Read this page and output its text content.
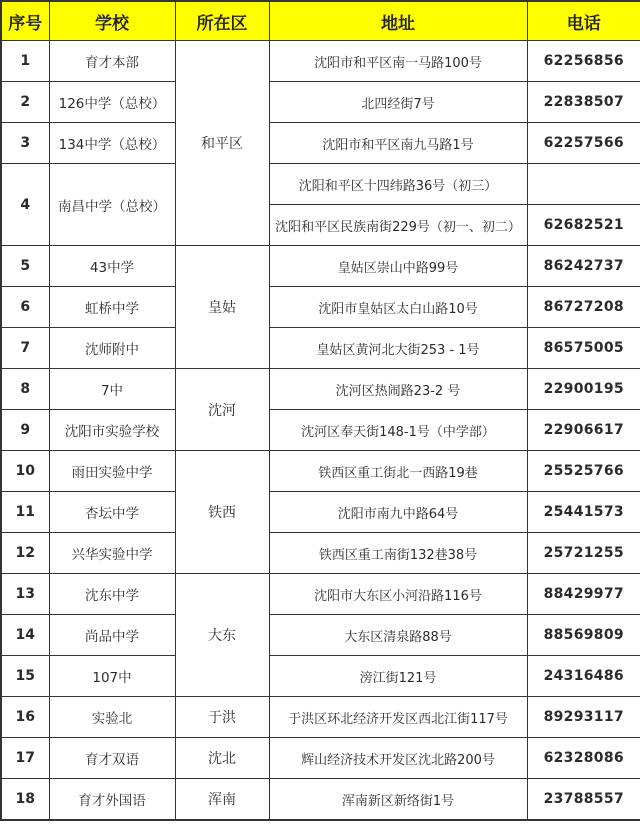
序号	学校	所在区	地址	电话
1	育才本部	和平区	沈阳市和平区南一马路100号	62256856
2	126中学（总校）		北四经街7号	22838507
3	134中学（总校）		沈阳市和平区南九马路1号	62257566
4	南昌中学（总校）		沈阳和平区十四纬路36号（初三）	
			沈阳和平区民族南街229号（初一、初二）	62682521
5	43中学	皇姑	皇姑区崇山中路99号	86242737
6	虹桥中学		沈阳市皇姑区太白山路10号	86727208
7	沈师附中		皇姑区黄河北大街253 - 1号	86575005
8	7中	沈河	沈河区热闹路23-2 号	22900195
9	沈阳市实验学校		沈河区奉天街148-1号（中学部）	22906617
10	雨田实验中学	铁西	铁西区重工街北一西路19巷	25525766
11	杏坛中学		沈阳市南九中路64号	25441573
12	兴华实验中学		铁西区重工南街132巷38号	25721255
13	沈东中学	大东	沈阳市大东区小河沿路116号	88429977
14	尚品中学		大东区清泉路88号	88569809
15	107中		滂江街121号	24316486
16	实验北	于洪	于洪区环北经济开发区西北江街117号	89293117
17	育才双语	沈北	辉山经济技术开发区沈北路200号	62328086
18	育才外国语	浑南	浑南新区新络街1号	23788557
